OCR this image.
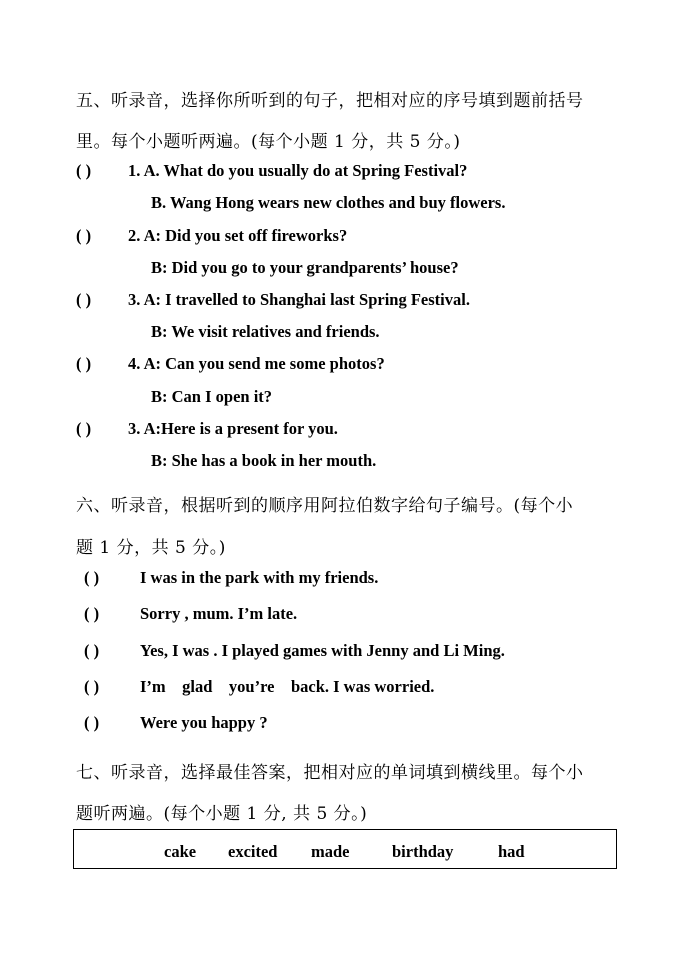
五、听录音，选择你所听到的句子，把相对应的序号填到题前括号
里。每个小题听两遍。(每个小题 1 分，共 5 分。)
( ) 1. A. What do you usually do at Spring Festival?
B. Wang Hong wears new clothes and buy flowers.
( ) 2. A: Did you set off fireworks?
B: Did you go to your grandparents’ house?
( ) 3. A: I travelled to Shanghai last Spring Festival.
B: We visit relatives and friends.
( ) 4. A: Can you send me some photos?
B: Can I open it?
( ) 3. A:Here is a present for you.
B: She has a book in her mouth.
六、听录音，根据听到的顺序用阿拉伯数字给句子编号。(每个小
题 1 分，共 5 分。)
( ) I was in the park with my friends.
( ) Sorry , mum. I’m late.
( ) Yes, I was . I played games with Jenny and Li Ming.
( ) I’m    glad    you’re    back. I was worried.
( ) Were you happy ?
七、听录音，选择最佳答案，把相对应的单词填到横线里。每个小
题听两遍。(每个小题 1 分, 共 5 分。)
cake excited made	birthday	had
